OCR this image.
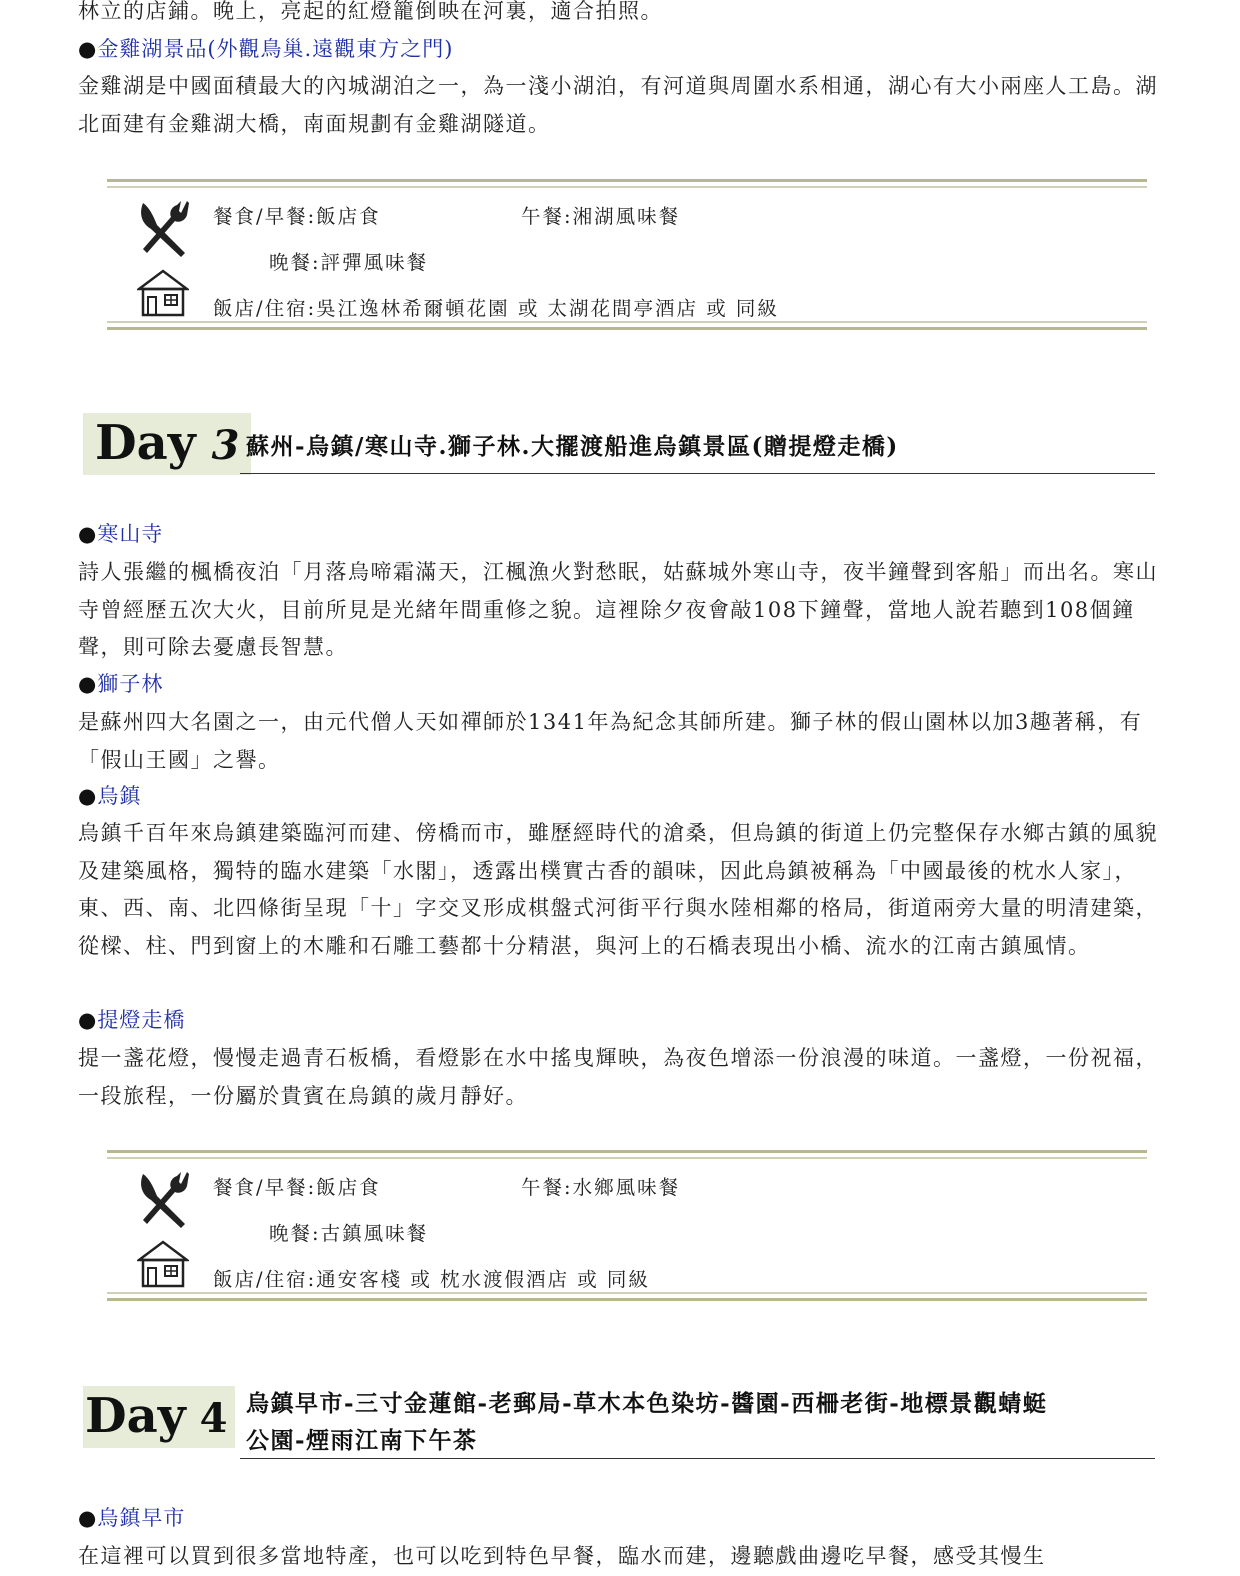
林立的店鋪。晚上，亮起的紅燈籠倒映在河裏，適合拍照。

●金雞湖景品(外觀鳥巢.遠觀東方之門)

金雞湖是中國面積最大的內城湖泊之一，為一淺小湖泊，有河道與周圍水系相通，湖心有大小兩座人工島。湖北面建有金雞湖大橋，南面規劃有金雞湖隧道。

餐食/早餐:飯店食	午餐:湘湖風味餐
晚餐:評彈風味餐
飯店/住宿:吳江逸林希爾頓花園 或 太湖花間亭酒店 或 同級
Day 3 蘇州-烏鎮/寒山寺.獅子林.大擺渡船進烏鎮景區(贈提燈走橋)
●寒山寺

詩人張繼的楓橋夜泊「月落烏啼霜滿天，江楓漁火對愁眠，姑蘇城外寒山寺，夜半鐘聲到客船」而出名。寒山寺曾經歷五次大火，目前所見是光緒年間重修之貌。這裡除夕夜會敲108下鐘聲，當地人說若聽到108個鐘聲，則可除去憂慮長智慧。

●獅子林

是蘇州四大名園之一，由元代僧人天如禪師於1341年為紀念其師所建。獅子林的假山園林以加3趣著稱，有「假山王國」之譽。

●烏鎮

烏鎮千百年來烏鎮建築臨河而建、傍橋而市，雖歷經時代的滄桑，但烏鎮的街道上仍完整保存水鄉古鎮的風貌及建築風格，獨特的臨水建築「水閣」，透露出樸實古香的韻味，因此烏鎮被稱為「中國最後的枕水人家」，東、西、南、北四條街呈現「十」字交叉形成棋盤式河街平行與水陸相鄰的格局，街道兩旁大量的明清建築，從樑、柱、門到窗上的木雕和石雕工藝都十分精湛，與河上的石橋表現出小橋、流水的江南古鎮風情。

●提燈走橋

提一盞花燈，慢慢走過青石板橋，看燈影在水中搖曳輝映，為夜色增添一份浪漫的味道。一盞燈，一份祝福，一段旅程，一份屬於貴賓在烏鎮的歲月靜好。

餐食/早餐:飯店食	午餐:水鄉風味餐
晚餐:古鎮風味餐
飯店/住宿:通安客棧 或 枕水渡假酒店 或 同級
Day 4 烏鎮早市-三寸金蓮館-老郵局-草木本色染坊-醬園-西柵老街-地標景觀蜻蜓
公園-煙雨江南下午茶
●烏鎮早市

在這裡可以買到很多當地特產，也可以吃到特色早餐，臨水而建，邊聽戲曲邊吃早餐，感受其慢生
